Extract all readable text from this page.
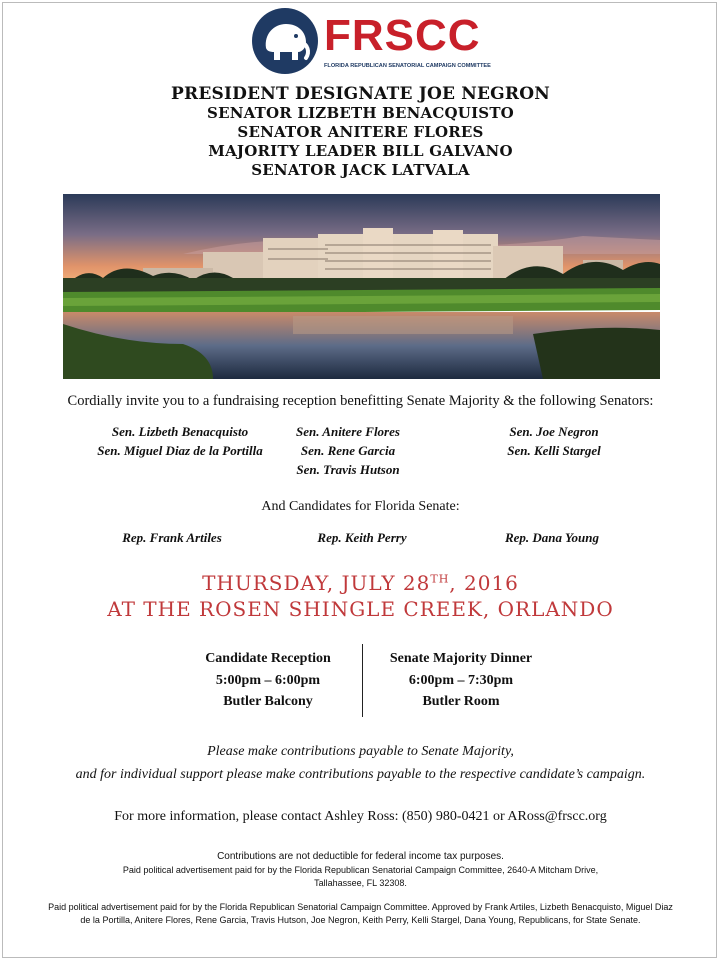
FRSCC
FLORIDA REPUBLICAN SENATORIAL CAMPAIGN COMMITTEE
PRESIDENT DESIGNATE JOE NEGRON
SENATOR LIZBETH BENACQUISTO
SENATOR ANITERE FLORES
MAJORITY LEADER BILL GALVANO
SENATOR JACK LATVALA
Cordially invite you to a fundraising reception benefitting Senate Majority & the following Senators:
Sen. Lizbeth Benacquisto
Sen. Miguel Diaz de la Portilla
Sen. Anitere Flores
Sen. Rene Garcia
Sen. Travis Hutson
Sen. Joe Negron
Sen. Kelli Stargel
And Candidates for Florida Senate:
Rep. Frank Artiles	Rep. Keith Perry	Rep. Dana Young
THURSDAY, JULY 28TH, 2016
AT THE ROSEN SHINGLE CREEK, ORLANDO
Candidate Reception
5:00pm – 6:00pm
Butler Balcony
Senate Majority Dinner
6:00pm – 7:30pm
Butler Room
Please make contributions payable to Senate Majority,
and for individual support please make contributions payable to the respective candidate’s campaign.
For more information, please contact Ashley Ross: (850) 980-0421 or ARoss@frscc.org
Contributions are not deductible for federal income tax purposes.
Paid political advertisement paid for by the Florida Republican Senatorial Campaign Committee, 2640-A Mitcham Drive,
Tallahassee, FL 32308.
Paid political advertisement paid for by the Florida Republican Senatorial Campaign Committee. Approved by Frank Artiles, Lizbeth Benacquisto, Miguel Diaz
de la Portilla, Anitere Flores, Rene Garcia, Travis Hutson, Joe Negron, Keith Perry, Kelli Stargel, Dana Young, Republicans, for State Senate.
